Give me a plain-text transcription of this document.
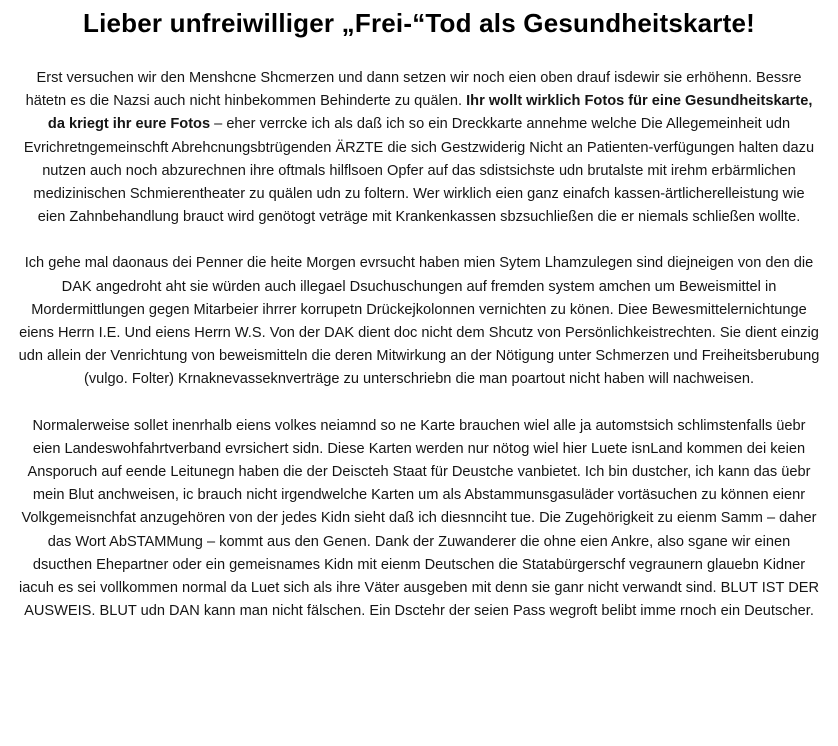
Lieber unfreiwilliger „Frei-“Tod als Gesundheitskarte!

Erst versuchen wir den Menshcne Shcmerzen und dann setzen wir noch eien oben drauf isdewir sie erhöhenn. Bessre hätetn es die Nazsi auch nicht hinbekommen Behinderte zu quälen. Ihr wollt wirklich Fotos für eine Gesundheitskarte, da kriegt ihr eure Fotos – eher verrcke ich als daß ich so ein Dreckkarte annehme welche Die Allegemeinheit udn Evrichretngemeinschft Abrehcnungsbtrügenden ÄRZTE die sich Gestzwiderig Nicht an Patienten-verfügungen halten dazu nutzen auch noch abzurechnen ihre oftmals hilflsoen Opfer auf das sdistsichste udn brutalste mit irehm erbärmlichen medizinischen Schmierentheater zu quälen udn zu foltern. Wer wirklich eien ganz einafch kassen-ärtlicherelleistung wie eien Zahnbehandlung brauct wird genötogt veträge mit Krankenkassen sbzsuchließen die er niemals schließen wollte.

Ich gehe mal daonaus dei Penner die heite Morgen evrsucht haben mien Sytem Lhamzulegen sind diejneigen von den die DAK angedroht aht sie würden auch illegael Dsuchuschungen auf fremden system amchen um Beweismittel in Mordermittlungen gegen Mitarbeier ihrrer korrupetn Drückejkolonnen vernichten zu könen. Diee Bewesmittelernichtunge eiens Herrn I.E. Und eiens Herrn W.S. Von der DAK dient doc nicht dem Shcutz von Persönlichkeistrechten. Sie dient einzig udn allein der Venrichtung von beweismitteln die deren Mitwirkung an der Nötigung unter Schmerzen und Freiheitsberubung (vulgo. Folter) Krnaknevasseknverträge zu unterschriebn die man poartout nicht haben will nachweisen.

Normalerweise sollet inenrhalb eiens volkes neiamnd so ne Karte brauchen wiel alle ja automstsich schlimstenfalls üebr eien Landeswohfahrtverband evrsichert sidn. Diese Karten werden nur nötog wiel hier Luete isnLand kommen dei keien Ansporuch auf eende Leitunegn haben die der Deiscteh Staat für Deustche vanbietet. Ich bin dustcher, ich kann das üebr mein Blut anchweisen, ic brauch nicht irgendwelche Karten um als Abstammunsgasuläder vortäsuchen zu können eienr Volkgemeisnchfat anzugehören von der jedes Kidn sieht daß ich diesnnciht tue. Die Zugehörigkeit zu eienm Samm – daher das Wort AbSTAMMung – kommt aus den Genen. Dank der Zuwanderer die ohne eien Ankre, also sgane wir einen dsucthen Ehepartner oder ein gemeisnames Kidn mit eienm Deutschen die Statabürgerschf vegraunern glauebn Kidner iacuh es sei vollkommen normal da Luet sich als ihre Väter ausgeben mit denn sie ganr nicht verwandt sind. BLUT IST DER AUSWEIS. BLUT udn DAN kann man nicht fälschen. Ein Dsctehr der seien Pass wegroft belibt imme rnoch ein Deutscher.
